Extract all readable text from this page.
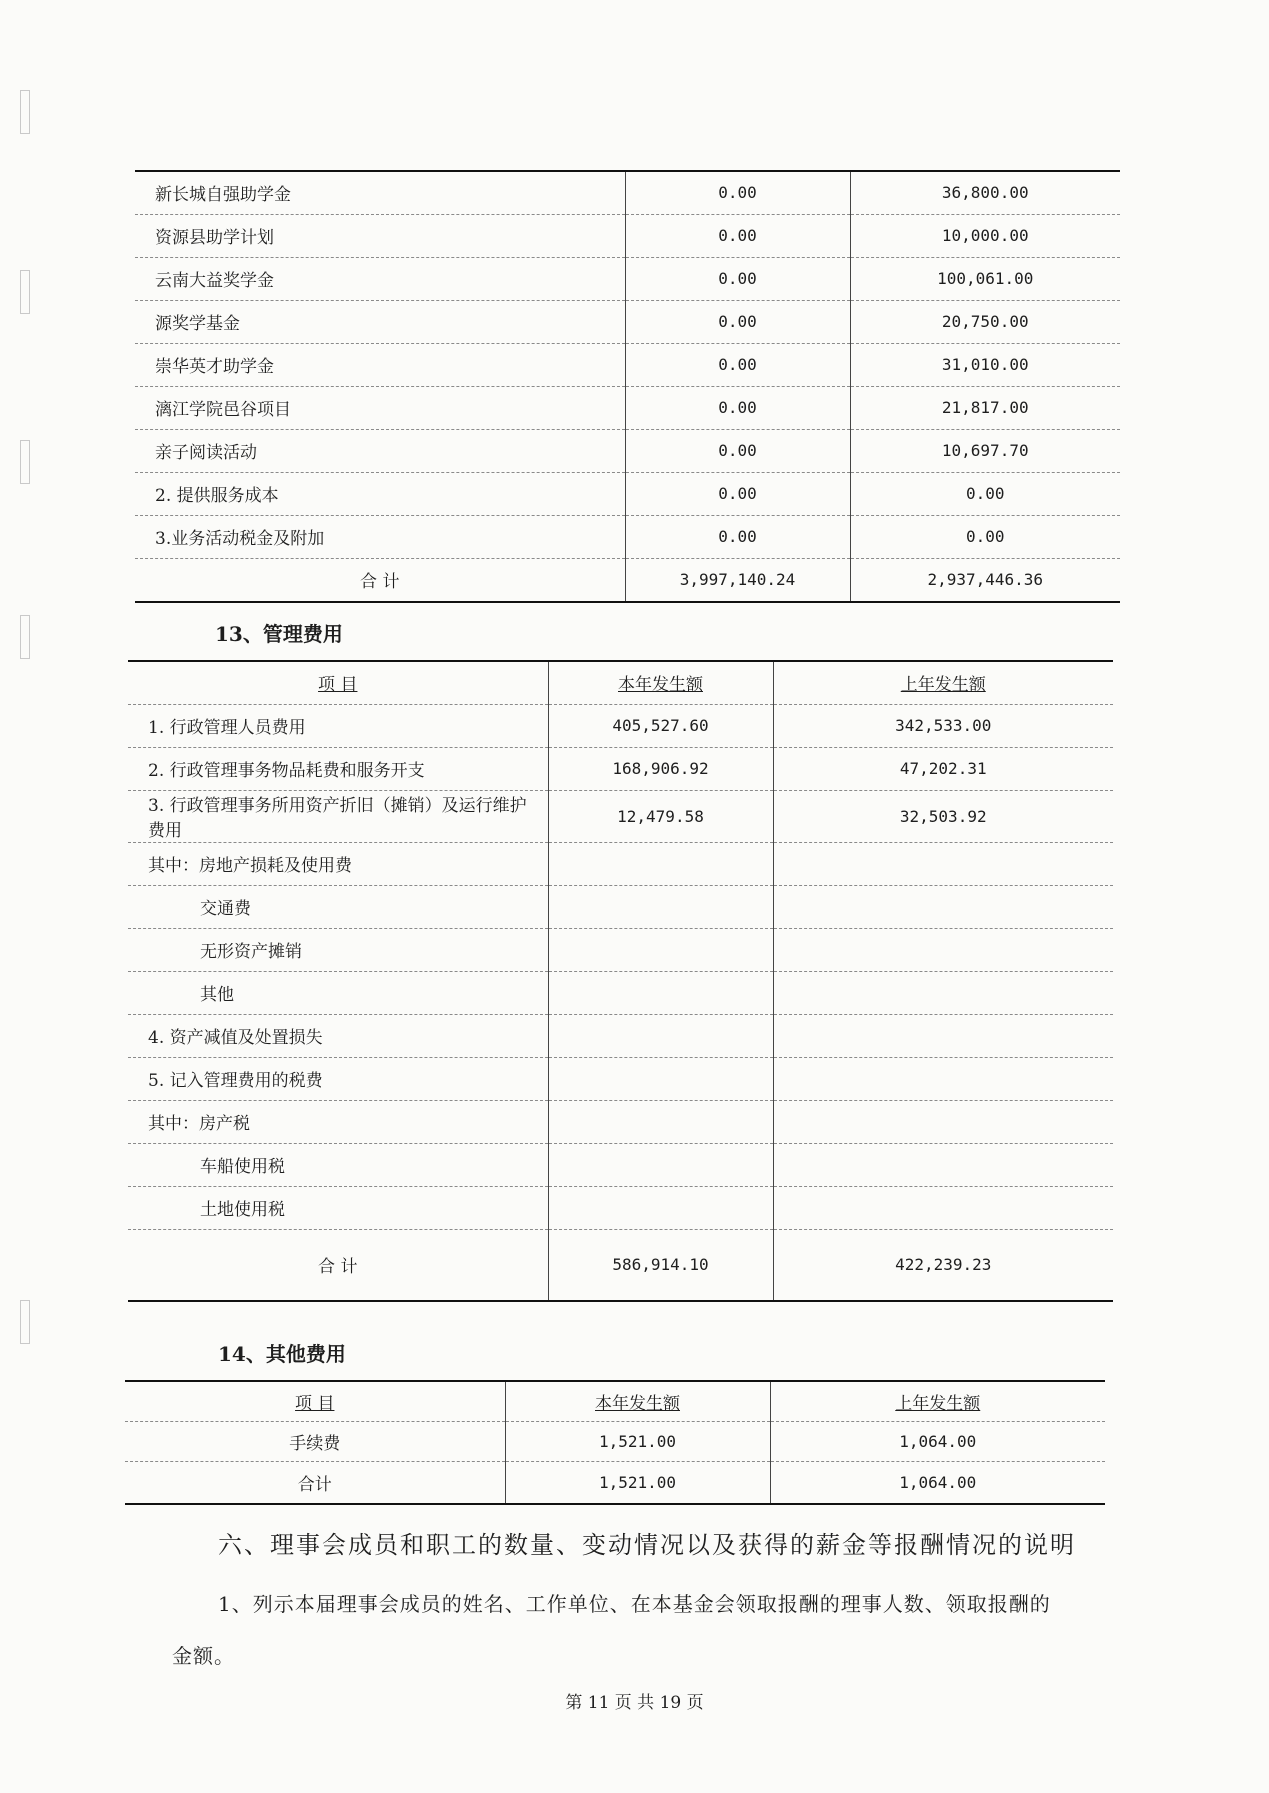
新长城自强助学金	0.00	36,800.00
资源县助学计划	0.00	10,000.00
云南大益奖学金	0.00	100,061.00
源奖学基金	0.00	20,750.00
崇华英才助学金	0.00	31,010.00
漓江学院邑谷项目	0.00	21,817.00
亲子阅读活动	0.00	10,697.70
2. 提供服务成本	0.00	0.00
3.业务活动税金及附加	0.00	0.00
合 计	3,997,140.24	2,937,446.36
13、管理费用
项 目	本年发生额	上年发生额
1. 行政管理人员费用	405,527.60	342,533.00
2. 行政管理事务物品耗费和服务开支	168,906.92	47,202.31
3. 行政管理事务所用资产折旧（摊销）及运行维护费用	12,479.58	32,503.92
其中：房地产损耗及使用费		
交通费		
无形资产摊销		
其他		
4. 资产减值及处置损失		
5. 记入管理费用的税费		
其中：房产税		
车船使用税		
土地使用税		
合 计	586,914.10	422,239.23
14、其他费用
项 目	本年发生额	上年发生额
手续费	1,521.00	1,064.00
合计	1,521.00	1,064.00
六、理事会成员和职工的数量、变动情况以及获得的薪金等报酬情况的说明
1、列示本届理事会成员的姓名、工作单位、在本基金会领取报酬的理事人数、领取报酬的金额。
第 11 页 共 19 页
